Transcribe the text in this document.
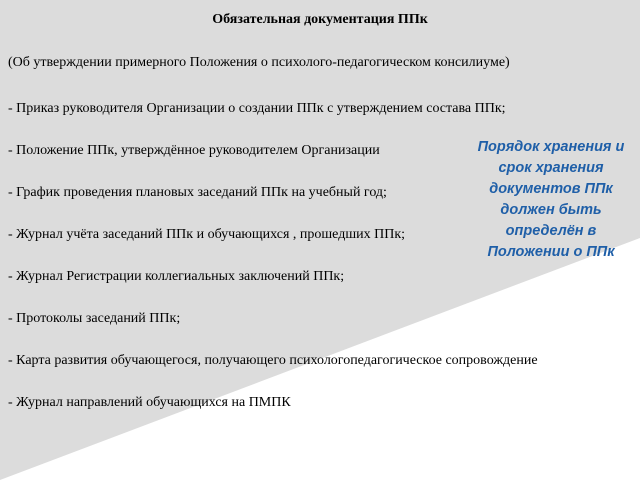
Обязательная документация ППк
(Об утверждении примерного Положения о психолого-педагогическом консилиуме)
- Приказ руководителя Организации о создании ППк с утверждением состава ППк;
- Положение ППк, утверждённое руководителем Организации
- График проведения плановых заседаний ППк на учебный год;
- Журнал учёта заседаний ППк и обучающихся , прошедших ППк;
- Журнал Регистрации коллегиальных заключений ППк;
- Протоколы заседаний ППк;
- Карта развития обучающегося, получающего психологопедагогическое сопровождение
- Журнал направлений обучающихся на ПМПК
Порядок хранения и срок хранения документов ППк должен быть определён в Положении о ППк
